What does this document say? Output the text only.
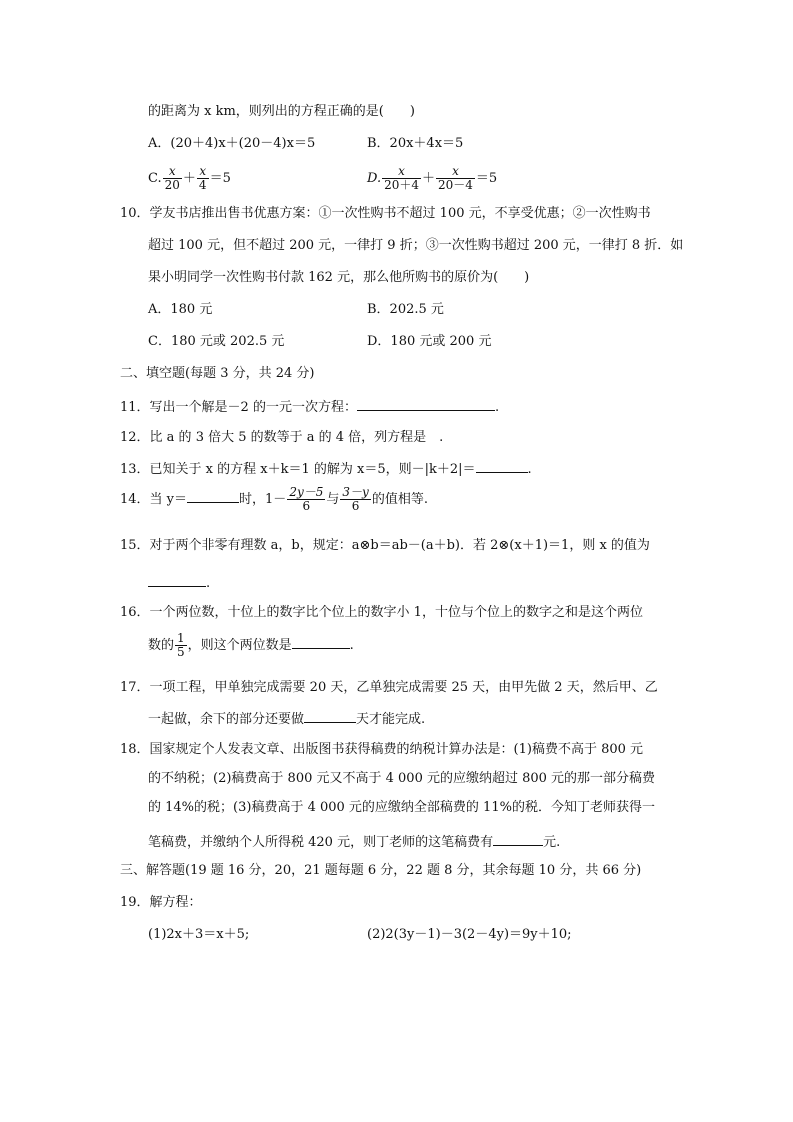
的距离为 x km，则列出的方程正确的是(　　)
A．(20＋4)x＋(20－4)x＝5	B．20x＋4x＝5
C. $\frac{x}{20} + \frac{x}{4} =5$	D. $\frac{x}{20+4} + \frac{x}{20-4} =5$
10．学友书店推出售书优惠方案：①一次性购书不超过 100 元，不享受优惠；②一次性购书
超过 100 元，但不超过 200 元，一律打 9 折；③一次性购书超过 200 元，一律打 8 折．如
果小明同学一次性购书付款 162 元，那么他所购书的原价为(　　)
A．180 元	B．202.5 元
C．180 元或 202.5 元	D．180 元或 200 元
二、填空题(每题 3 分，共 24 分)
11．写出一个解是－2 的一元一次方程：	.
12．比 a 的 3 倍大 5 的数等于 a 的 4 倍，列方程是　.
13．已知关于 x 的方程 x＋k＝1 的解为 x＝5，则－|k＋2|＝	.
14．当 y＝	时，$1- \frac{2y-5}{6}$ 与 $\frac{3-y}{6}$ 的值相等.
15．对于两个非零有理数 a，b，规定：a⊗b＝ab－(a＋b)．若 2⊗(x＋1)＝1，则 x 的值为
.
16．一个两位数，十位上的数字比个位上的数字小 1，十位与个位上的数字之和是这个两位
数的 $\frac{1}{5}$ ，则这个两位数是	.
17．一项工程，甲单独完成需要 20 天，乙单独完成需要 25 天，由甲先做 2 天，然后甲、乙
一起做，余下的部分还要做	天才能完成.
18．国家规定个人发表文章、出版图书获得稿费的纳税计算办法是：(1)稿费不高于 800 元
的不纳税；(2)稿费高于 800 元又不高于 4 000 元的应缴纳超过 800 元的那一部分稿费
的 14%的税；(3)稿费高于 4 000 元的应缴纳全部稿费的 11%的税．今知丁老师获得一
笔稿费，并缴纳个人所得税 420 元，则丁老师的这笔稿费有	元.
三、解答题(19 题 16 分，20，21 题每题 6 分，22 题 8 分，其余每题 10 分，共 66 分)
19．解方程：
(1)2x＋3＝x＋5;	(2)2(3y－1)－3(2－4y)＝9y＋10;
